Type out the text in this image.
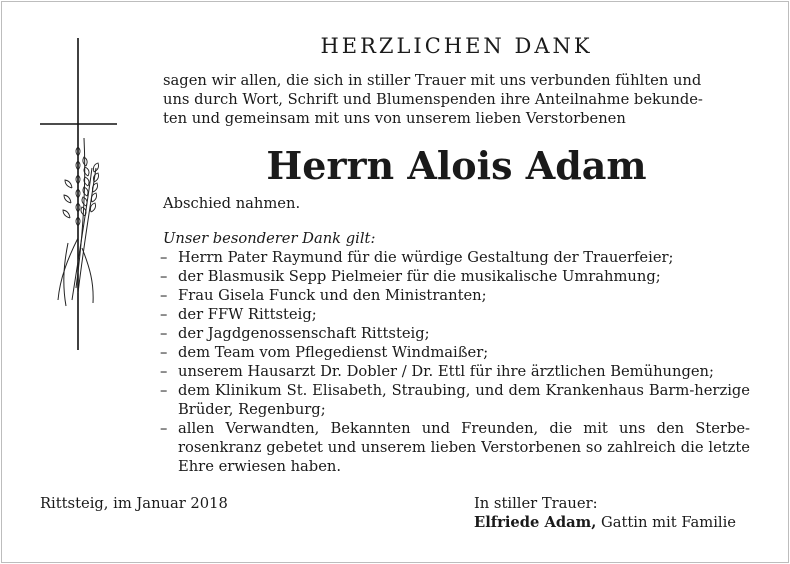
HERZLICHEN DANK
sagen wir allen, die sich in stiller Trauer mit uns verbunden fühlten und
uns durch Wort, Schrift und Blumenspenden ihre Anteilnahme bekunde-
ten und gemeinsam mit uns von unserem lieben Verstorbenen
Herrn Alois Adam
Abschied nahmen.
Unser besonderer Dank gilt:
– Herrn Pater Raymund für die würdige Gestaltung der Trauerfeier;
– der Blasmusik Sepp Pielmeier für die musikalische Umrahmung;
– Frau Gisela Funck und den Ministranten;
– der FFW Rittsteig;
– der Jagdgenossenschaft Rittsteig;
– dem Team vom Pflegedienst Windmaißer;
– unserem Hausarzt Dr. Dobler / Dr. Ettl für ihre ärztlichen Bemühungen;
– dem Klinikum St. Elisabeth, Straubing, und dem Krankenhaus Barm-herzige Brüder, Regenburg;
– allen Verwandten, Bekannten und Freunden, die mit uns den Sterbe-rosenkranz gebetet und unserem lieben Verstorbenen so zahlreich die letzte Ehre erwiesen haben.
Rittsteig, im Januar 2018	In stiller Trauer:
Elfriede Adam, Gattin mit Familie
